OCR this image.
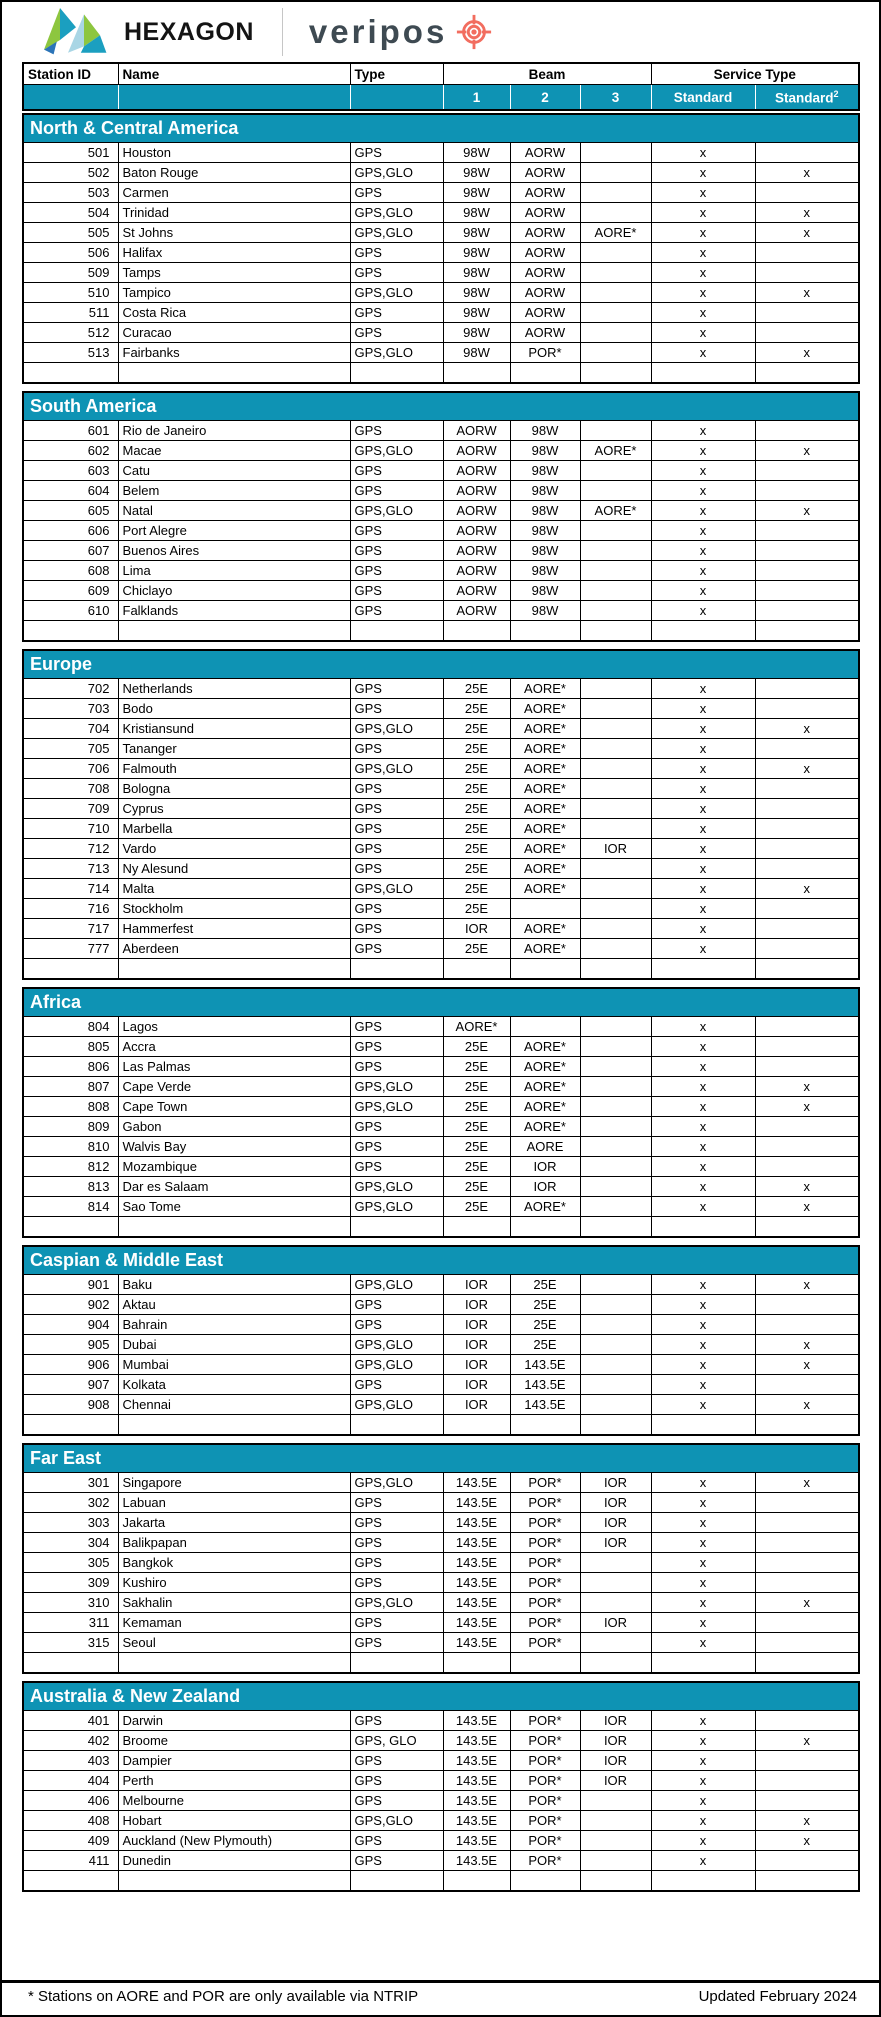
HEXAGON veripos
Station ID	Name	Type	Beam			Service Type	
			1	2	3	Standard	Standard$^2$
North & Central America							
501	Houston	GPS	98W	AORW		x	
502	Baton Rouge	GPS,GLO	98W	AORW		x	x
503	Carmen	GPS	98W	AORW		x	
504	Trinidad	GPS,GLO	98W	AORW		x	x
505	St Johns	GPS,GLO	98W	AORW	AORE*	x	x
506	Halifax	GPS	98W	AORW		x	
509	Tamps	GPS	98W	AORW		x	
510	Tampico	GPS,GLO	98W	AORW		x	x
511	Costa Rica	GPS	98W	AORW		x	
512	Curacao	GPS	98W	AORW		x	
513	Fairbanks	GPS,GLO	98W	POR*		x	x

South America							
601	Rio de Janeiro	GPS	AORW	98W		x	
602	Macae	GPS,GLO	AORW	98W	AORE*	x	x
603	Catu	GPS	AORW	98W		x	
604	Belem	GPS	AORW	98W		x	
605	Natal	GPS,GLO	AORW	98W	AORE*	x	x
606	Port Alegre	GPS	AORW	98W		x	
607	Buenos Aires	GPS	AORW	98W		x	
608	Lima	GPS	AORW	98W		x	
609	Chiclayo	GPS	AORW	98W		x	
610	Falklands	GPS	AORW	98W		x	

Europe							
702	Netherlands	GPS	25E	AORE*		x	
703	Bodo	GPS	25E	AORE*		x	
704	Kristiansund	GPS,GLO	25E	AORE*		x	x
705	Tananger	GPS	25E	AORE*		x	
706	Falmouth	GPS,GLO	25E	AORE*		x	x
708	Bologna	GPS	25E	AORE*		x	
709	Cyprus	GPS	25E	AORE*		x	
710	Marbella	GPS	25E	AORE*		x	
712	Vardo	GPS	25E	AORE*	IOR	x	
713	Ny Alesund	GPS	25E	AORE*		x	
714	Malta	GPS,GLO	25E	AORE*		x	x
716	Stockholm	GPS	25E			x	
717	Hammerfest	GPS	IOR	AORE*		x	
777	Aberdeen	GPS	25E	AORE*		x	

Africa							
804	Lagos	GPS	AORE*			x	
805	Accra	GPS	25E	AORE*		x	
806	Las Palmas	GPS	25E	AORE*		x	
807	Cape Verde	GPS,GLO	25E	AORE*		x	x
808	Cape Town	GPS,GLO	25E	AORE*		x	x
809	Gabon	GPS	25E	AORE*		x	
810	Walvis Bay	GPS	25E	AORE		x	
812	Mozambique	GPS	25E	IOR		x	
813	Dar es Salaam	GPS,GLO	25E	IOR		x	x
814	Sao Tome	GPS,GLO	25E	AORE*		x	x

Caspian & Middle East							
901	Baku	GPS,GLO	IOR	25E		x	x
902	Aktau	GPS	IOR	25E		x	
904	Bahrain	GPS	IOR	25E		x	
905	Dubai	GPS,GLO	IOR	25E		x	x
906	Mumbai	GPS,GLO	IOR	143.5E		x	x
907	Kolkata	GPS	IOR	143.5E		x	
908	Chennai	GPS,GLO	IOR	143.5E		x	x

Far East							
301	Singapore	GPS,GLO	143.5E	POR*	IOR	x	x
302	Labuan	GPS	143.5E	POR*	IOR	x	
303	Jakarta	GPS	143.5E	POR*	IOR	x	
304	Balikpapan	GPS	143.5E	POR*	IOR	x	
305	Bangkok	GPS	143.5E	POR*		x	
309	Kushiro	GPS	143.5E	POR*		x	
310	Sakhalin	GPS,GLO	143.5E	POR*		x	x
311	Kemaman	GPS	143.5E	POR*	IOR	x	
315	Seoul	GPS	143.5E	POR*		x	

Australia & New Zealand							
401	Darwin	GPS	143.5E	POR*	IOR	x	
402	Broome	GPS, GLO	143.5E	POR*	IOR	x	x
403	Dampier	GPS	143.5E	POR*	IOR	x	
404	Perth	GPS	143.5E	POR*	IOR	x	
406	Melbourne	GPS	143.5E	POR*		x	
408	Hobart	GPS,GLO	143.5E	POR*		x	x
409	Auckland (New Plymouth)	GPS	143.5E	POR*		x	x
411	Dunedin	GPS	143.5E	POR*		x	

* Stations on AORE and POR are only available via NTRIP	Updated February 2024
